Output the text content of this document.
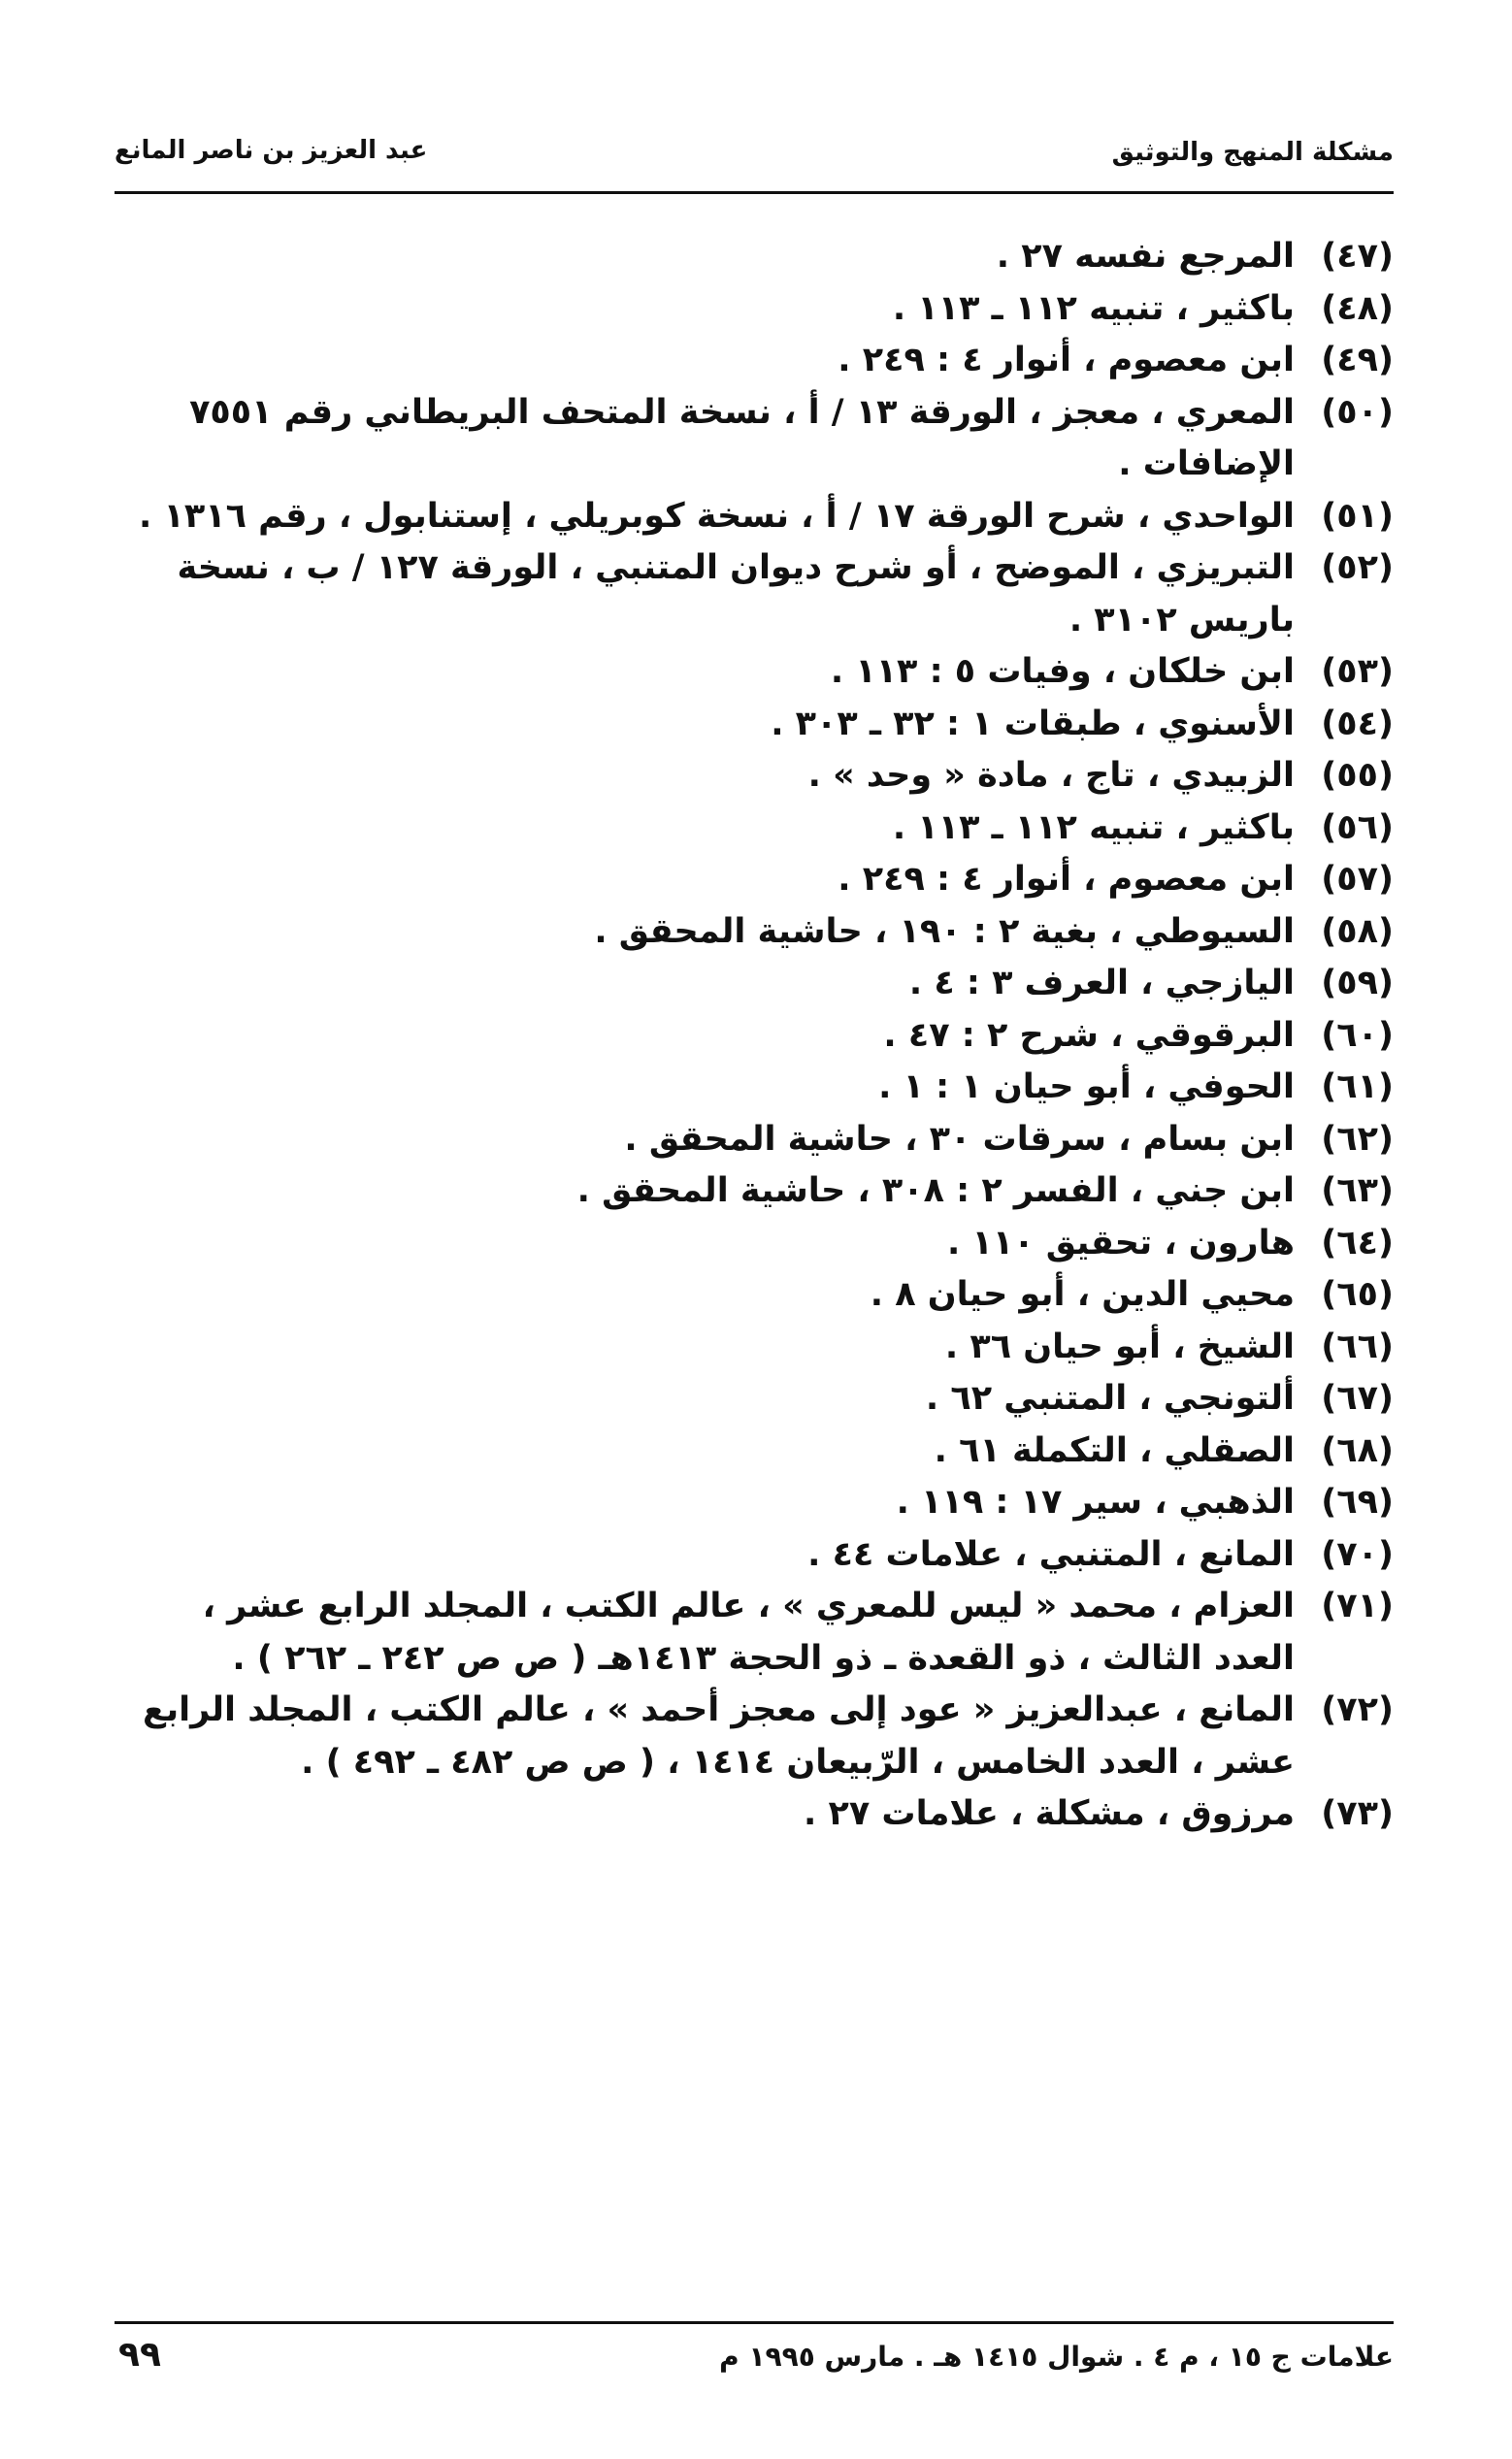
مشكلة المنهج والتوثيق
عبد العزيز بن ناصر المانع
(٤٧)
المرجع نفسه ٢٧ .
(٤٨)
باكثير ، تنبيه ١١٢ ـ ١١٣ .
(٤٩)
ابن معصوم ، أنوار ٤ : ٢٤٩ .
(٥٠)
المعري ، معجز ، الورقة ١٣ / أ ، نسخة المتحف البريطاني رقم ٧٥٥١ الإضافات .
(٥١)
الواحدي ، شرح الورقة ١٧ / أ ، نسخة كوبريلي ، إستنابول ، رقم ١٣١٦ .
(٥٢)
التبريزي ، الموضح ، أو شرح ديوان المتنبي ، الورقة ١٢٧ / ب ، نسخة باريس ٣١٠٢ .
(٥٣)
ابن خلكان ، وفيات ٥ : ١١٣ .
(٥٤)
الأسنوي ، طبقات ١ : ٣٢ ـ ٣٠٣ .
(٥٥)
الزبيدي ، تاج ، مادة « وحد » .
(٥٦)
باكثير ، تنبيه ١١٢ ـ ١١٣ .
(٥٧)
ابن معصوم ، أنوار ٤ : ٢٤٩ .
(٥٨)
السيوطي ، بغية ٢ : ١٩٠ ، حاشية المحقق .
(٥٩)
اليازجي ، العرف ٣ : ٤ .
(٦٠)
البرقوقي ، شرح ٢ : ٤٧ .
(٦١)
الحوفي ، أبو حيان ١ : ١ .
(٦٢)
ابن بسام ، سرقات ٣٠ ، حاشية المحقق .
(٦٣)
ابن جني ، الفسر ٢ : ٣٠٨ ، حاشية المحقق .
(٦٤)
هارون ، تحقيق ١١٠ .
(٦٥)
محيي الدين ، أبو حيان ٨ .
(٦٦)
الشيخ ، أبو حيان ٣٦ .
(٦٧)
ألتونجي ، المتنبي ٦٢ .
(٦٨)
الصقلي ، التكملة ٦١ .
(٦٩)
الذهبي ، سير ١٧ : ١١٩ .
(٧٠)
المانع ، المتنبي ، علامات ٤٤ .
(٧١)
العزام ، محمد « ليس للمعري » ، عالم الكتب ، المجلد الرابع عشر ، العدد الثالث ، ذو القعدة ـ ذو الحجة ١٤١٣هـ ( ص ص ٢٤٢ ـ ٢٦٢ ) .
(٧٢)
المانع ، عبدالعزيز « عود إلى معجز أحمد » ، عالم الكتب ، المجلد الرابع عشر ، العدد الخامس ، الرّبيعان ١٤١٤ ، ( ص ص ٤٨٢ ـ ٤٩٢ ) .
(٧٣)
مرزوق ، مشكلة ، علامات ٢٧ .
علامات ج ١٥ ، م ٤ . شوال ١٤١٥ هـ . مارس ١٩٩٥ م
٩٩
